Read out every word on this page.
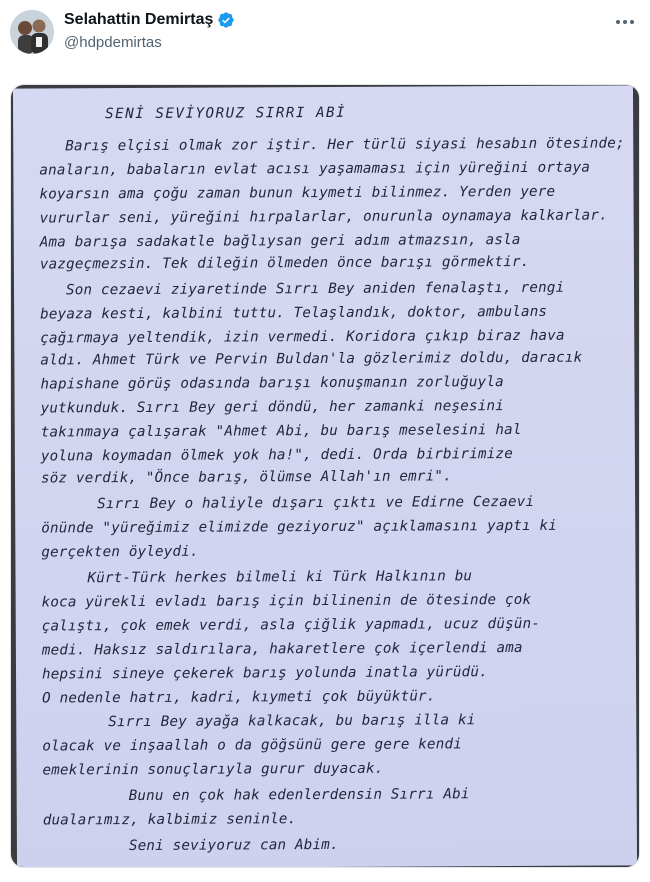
Selahattin Demirtaş
@hdpdemirtas
SENİ SEVİYORUZ SIRRI ABİ
Barış elçisi olmak zor iştir. Her türlü siyasi hesabın ötesinde;
anaların, babaların evlat acısı yaşamaması için yüreğini ortaya
koyarsın ama çoğu zaman bunun kıymeti bilinmez. Yerden yere
vururlar seni, yüreğini hırpalarlar, onurunla oynamaya kalkarlar.
Ama barışa sadakatle bağlıysan geri adım atmazsın, asla
vazgeçmezsin. Tek dileğin ölmeden önce barışı görmektir.
Son cezaevi ziyaretinde Sırrı Bey aniden fenalaştı, rengi
beyaza kesti, kalbini tuttu. Telaşlandık, doktor, ambulans
çağırmaya yeltendik, izin vermedi. Koridora çıkıp biraz hava
aldı. Ahmet Türk ve Pervin Buldan'la gözlerimiz doldu, daracık
hapishane görüş odasında barışı konuşmanın zorluğuyla
yutkunduk. Sırrı Bey geri döndü, her zamanki neşesini
takınmaya çalışarak "Ahmet Abi, bu barış meselesini hal
yoluna koymadan ölmek yok ha!", dedi. Orda birbirimize
söz verdik, "Önce barış, ölümse Allah'ın emri".
Sırrı Bey o haliyle dışarı çıktı ve Edirne Cezaevi
önünde "yüreğimiz elimizde geziyoruz" açıklamasını yaptı ki
gerçekten öyleydi.
Kürt-Türk herkes bilmeli ki Türk Halkının bu
koca yürekli evladı barış için bilinenin de ötesinde çok
çalıştı, çok emek verdi, asla çiğlik yapmadı, ucuz düşün-
medi. Haksız saldırılara, hakaretlere çok içerlendi ama
hepsini sineye çekerek barış yolunda inatla yürüdü.
O nedenle hatrı, kadri, kıymeti çok büyüktür.
Sırrı Bey ayağa kalkacak, bu barış illa ki
olacak ve inşaallah o da göğsünü gere gere kendi
emeklerinin sonuçlarıyla gurur duyacak.
Bunu en çok hak edenlerdensin Sırrı Abi
dualarımız, kalbimiz seninle.
Seni seviyoruz can Abim.
